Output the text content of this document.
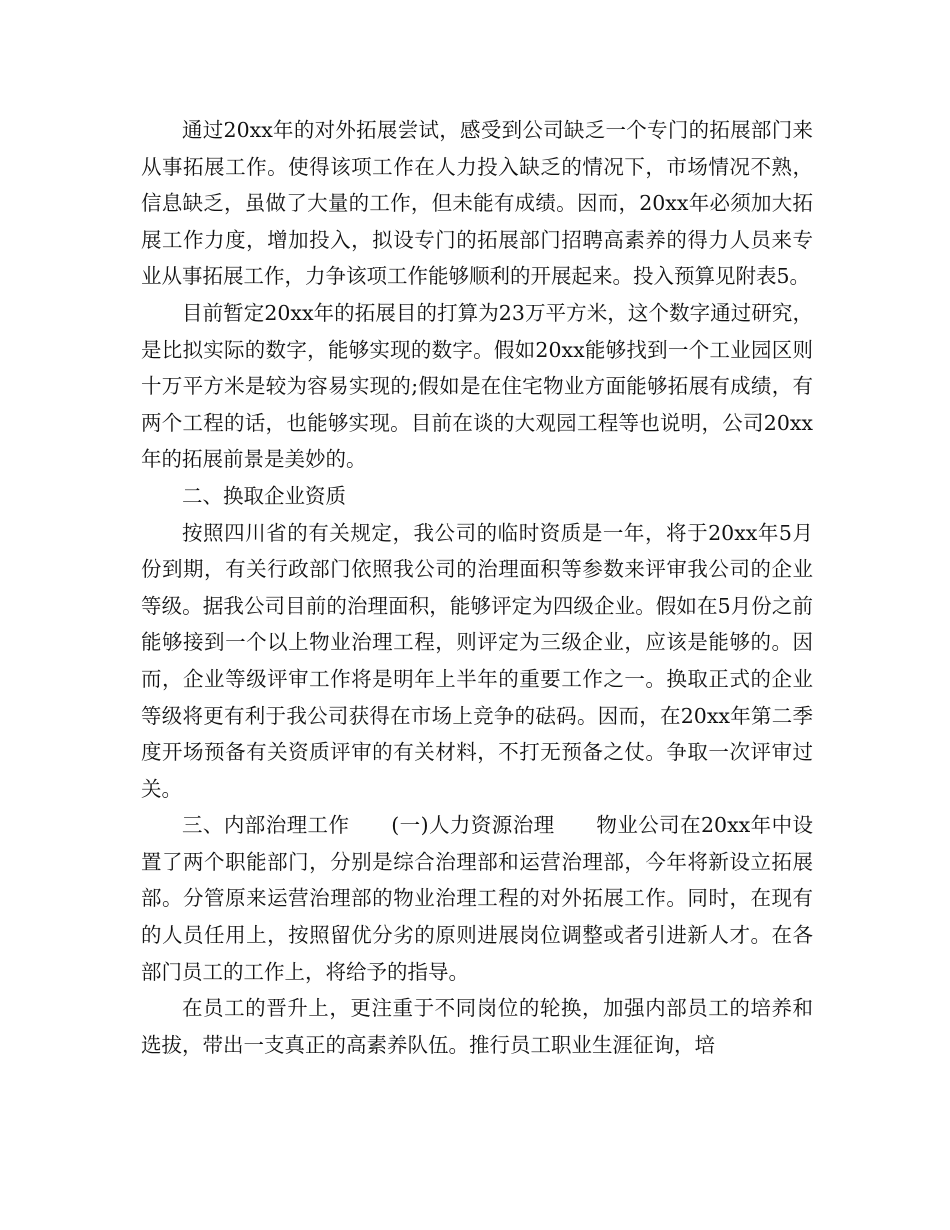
通过20xx年的对外拓展尝试，感受到公司缺乏一个专门的拓展部门来从事拓展工作。使得该项工作在人力投入缺乏的情况下，市场情况不熟，信息缺乏，虽做了大量的工作，但未能有成绩。因而，20xx年必须加大拓展工作力度，增加投入，拟设专门的拓展部门招聘高素养的得力人员来专业从事拓展工作，力争该项工作能够顺利的开展起来。投入预算见附表5。

目前暂定20xx年的拓展目的打算为23万平方米，这个数字通过研究，是比拟实际的数字，能够实现的数字。假如20xx能够找到一个工业园区则十万平方米是较为容易实现的;假如是在住宅物业方面能够拓展有成绩，有两个工程的话，也能够实现。目前在谈的大观园工程等也说明，公司20xx年的拓展前景是美妙的。

二、换取企业资质

按照四川省的有关规定，我公司的临时资质是一年，将于20xx年5月份到期，有关行政部门依照我公司的治理面积等参数来评审我公司的企业等级。据我公司目前的治理面积，能够评定为四级企业。假如在5月份之前能够接到一个以上物业治理工程，则评定为三级企业，应该是能够的。因而，企业等级评审工作将是明年上半年的重要工作之一。换取正式的企业等级将更有利于我公司获得在市场上竞争的砝码。因而，在20xx年第二季度开场预备有关资质评审的有关材料，不打无预备之仗。争取一次评审过关。

三、内部治理工作　　(一)人力资源治理　　物业公司在20xx年中设置了两个职能部门，分别是综合治理部和运营治理部，今年将新设立拓展部。分管原来运营治理部的物业治理工程的对外拓展工作。同时，在现有的人员任用上，按照留优分劣的原则进展岗位调整或者引进新人才。在各部门员工的工作上，将给予的指导。

在员工的晋升上，更注重于不同岗位的轮换，加强内部员工的培养和选拔，带出一支真正的高素养队伍。推行员工职业生涯征询，培
